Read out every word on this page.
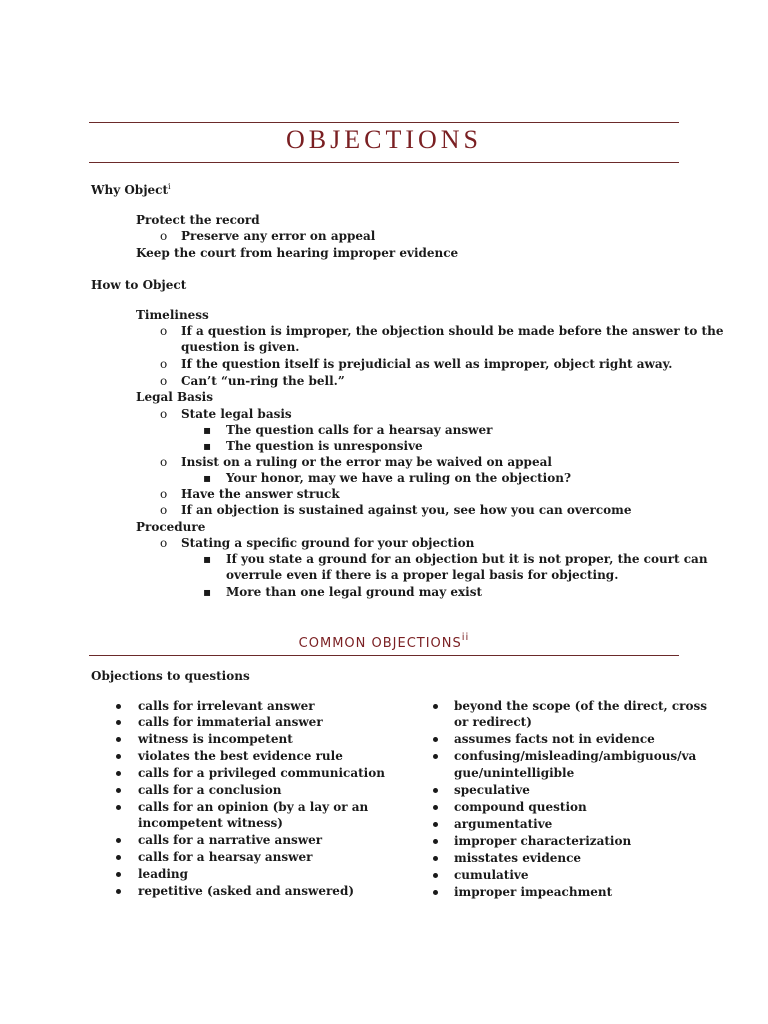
OBJECTIONS
Why Object$^i$
Protect the record
o Preserve any error on appeal
Keep the court from hearing improper evidence
How to Object
Timeliness
o If a question is improper, the objection should be made before the answer to the
question is given.
o If the question itself is prejudicial as well as improper, object right away.
o Can’t “un-ring the bell.”
Legal Basis
o State legal basis
▪ The question calls for a hearsay answer
▪ The question is unresponsive
o Insist on a ruling or the error may be waived on appeal
▪ Your honor, may we have a ruling on the objection?
o Have the answer struck
o If an objection is sustained against you, see how you can overcome
Procedure
o Stating a specific ground for your objection
▪ If you state a ground for an objection but it is not proper, the court can
overrule even if there is a proper legal basis for objecting.
▪ More than one legal ground may exist
COMMON OBJECTIONS$^{ii}$
Objections to questions
calls for irrelevant answer
calls for immaterial answer
witness is incompetent
violates the best evidence rule
calls for a privileged communication
calls for a conclusion
calls for an opinion (by a lay or an
incompetent witness)
calls for a narrative answer
calls for a hearsay answer
leading
repetitive (asked and answered)
beyond the scope (of the direct, cross
or redirect)
assumes facts not in evidence
confusing/misleading/ambiguous/va
gue/unintelligible
speculative
compound question
argumentative
improper characterization
misstates evidence
cumulative
improper impeachment
